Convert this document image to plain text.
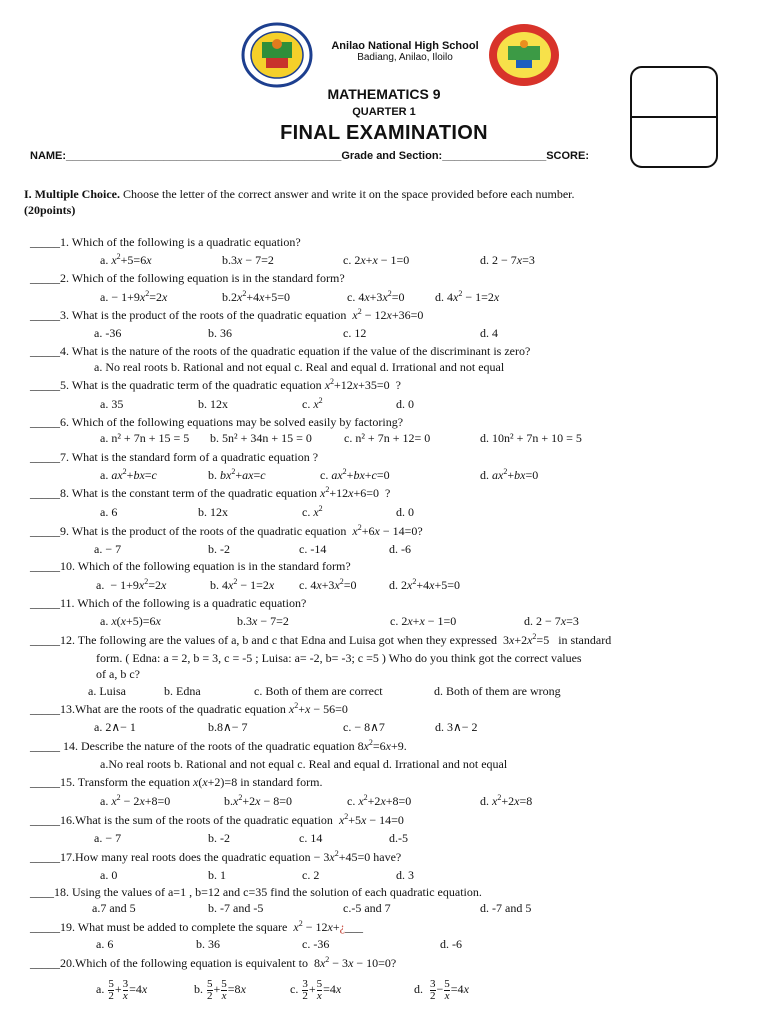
Anilao National High School
Badiang, Anilao, Iloilo
MATHEMATICS 9
QUARTER 1
FINAL EXAMINATION
NAME:_____________________________________________Grade and Section:_________________SCORE:
I. Multiple Choice. Choose the letter of the correct answer and write it on the space provided before each number.
(20points)
_____1. Which of the following is a quadratic equation?
a. $x^2+5=6x$	b.3x − 7=2	c. 2x+x − 1=0	d. 2 − 7x=3
_____2. Which of the following equation is in the standard form?
a. − $1+9x^2=2x$	$b.2x^2+4x+5=0$	c. $4x+3x^2=0$	d. $4x^2 - 1=2x$
_____3. What is the product of the roots of the quadratic equation $x^2 - 12x+36=0$
a. -36	b. 36	c. 12	d. 4
_____4. What is the nature of the roots of the quadratic equation if the value of the discriminant is zero?
a. No real roots b. Rational and not equal c. Real and equal d. Irrational and not equal
_____5. What is the quadratic term of the quadratic equation $x^2+12x+35=0$  ?
a. 35	b. 12x	c. $x^2$	d. 0
_____6. Which of the following equations may be solved easily by factoring?
a. n² + 7n + 15 = 5 b. 5n² + 34n + 15 = 0	c. n² + 7n + 12= 0	d. 10n² + 7n + 10 = 5
_____7. What is the standard form of a quadratic equation ?
a. $ax^2+bx=c$	b. $bx^2+ax=c$	c. $ax^2+bx+c=0$	d. $ax^2+bx=0$
_____8. What is the constant term of the quadratic equation $x^2+12x+6=0$  ?
a. 6	b. 12x	c. $x^2$	d. 0
_____9. What is the product of the roots of the quadratic equation $x^2+6x - 14=0$?
a. − 7	b. -2	c. -14	d. -6
_____10. Which of the following equation is in the standard form?
a.  − $1+9x^2=2x$	b. $4x^2 - 1=2x$ c. $4x+3x^2=0$	d. $2x^2+4x+5=0$
_____11. Which of the following is a quadratic equation?
a. x(x+5)=6x	b.3x − 7=2	c. 2x+x − 1=0	d. 2 − 7x=3
_____12. The following are the values of a, b and c that Edna and Luisa got when they expressed  $3x+2x^2=5$   in standard
form. ( Edna: a = 2, b = 3, c = -5 ; Luisa: a= -2, b= -3; c =5 ) Who do you think got the correct values
of a, b c?
a. Luisa	b. Edna	c. Both of them are correct	d. Both of them are wrong
_____13.What are the roots of the quadratic equation $x^2+x - 56=0$
a. 2∧− 1	b.8∧− 7	c. − 8∧7	d. 3∧− 2
_____ 14. Describe the nature of the roots of the quadratic equation $8x^2=6x+9$.
a.No real roots b. Rational and not equal c. Real and equal d. Irrational and not equal
_____15. Transform the equation x(x+2)=8 in standard form.
a. $x^2 - 2x+8=0$	$b.x^2+2x - 8=0$	c. $x^2+2x+8=0$	d. $x^2+2x=8$
_____16.What is the sum of the roots of the quadratic equation $x^2+5x - 14=0$
a. − 7	b. -2	c. 14	d.-5
_____17.How many real roots does the quadratic equation − $3x^2+45=0$ have?
a. 0	b. 1	c. 2	d. 3
____18. Using the values of a=1 , b=12 and c=35 find the solution of each quadratic equation.
a.7 and 5	b. -7 and -5	c.-5 and 7	d. -7 and 5
_____19. What must be added to complete the square $x^2$ − 12x+¿___
a. 6	b. 36	c. -36	d. -6
_____20.Which of the following equation is equivalent to  $8x^2 - 3x - 10=0$?
a. $\frac{5}{2} + \frac{3}{x} =4x$	b. $\frac{5}{2} + \frac{5}{x} =8x$	c. $\frac{3}{2} + \frac{5}{x} =4x$	d. $\frac{3}{2} - \frac{5}{x} =4x$
